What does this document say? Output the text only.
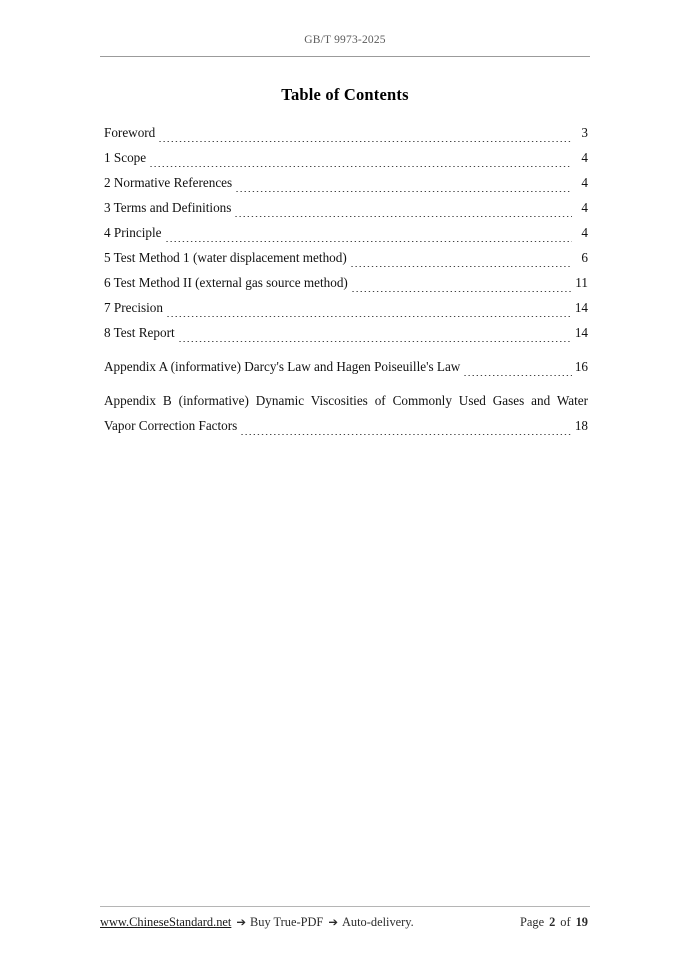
GB/T 9973-2025
Table of Contents
Foreword	3
1 Scope	4
2 Normative References	4
3 Terms and Definitions	4
4 Principle	4
5 Test Method 1 (water displacement method)	6
6 Test Method II (external gas source method)	11
7 Precision	14
8 Test Report	14
Appendix A (informative) Darcy's Law and Hagen Poiseuille's Law	16
Appendix B (informative) Dynamic Viscosities of Commonly Used Gases and Water
Vapor Correction Factors	18
www.ChineseStandard.net ➔ Buy True-PDF ➔ Auto-delivery.	Page 2 of 19
